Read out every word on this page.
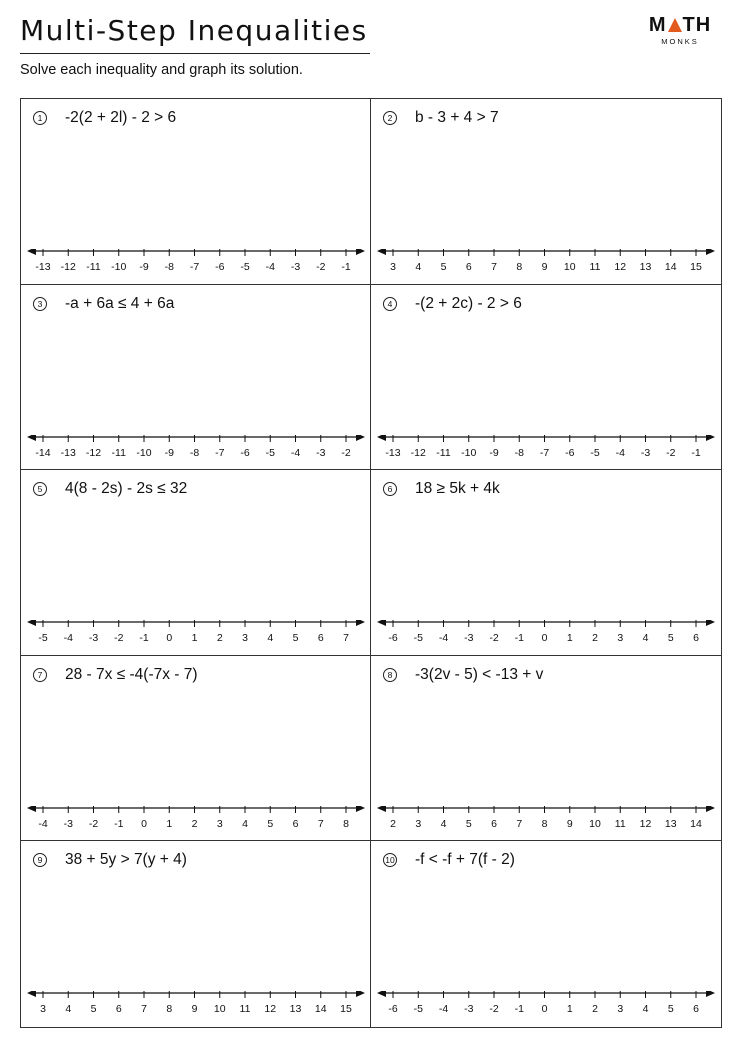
Multi-Step Inequalities	M TH
MONKS
Solve each inequality and graph its solution.
1 -2(2 + 2l) - 2 > 6
-13 -12 -11 -10 -9 -8 -7 -6 -5 -4 -3 -2 -1
2 b - 3 + 4 > 7
3 4 5 6 7 8 9 10 11 12 13 14 15
3 -a + 6a ≤ 4 + 6a
-14 -13 -12 -11 -10 -9 -8 -7 -6 -5 -4 -3 -2
4 -(2 + 2c) - 2 > 6
-13 -12 -11 -10 -9 -8 -7 -6 -5 -4 -3 -2 -1
5 4(8 - 2s) - 2s ≤ 32
-5 -4 -3 -2 -1 0 1 2 3 4 5 6 7
6 18 ≥ 5k + 4k
-6 -5 -4 -3 -2 -1 0 1 2 3 4 5 6
7 28 - 7x ≤ -4(-7x - 7)
-4 -3 -2 -1 0 1 2 3 4 5 6 7 8
8 -3(2v - 5) < -13 + v
2 3 4 5 6 7 8 9 10 11 12 13 14
9 38 + 5y > 7(y + 4)
3 4 5 6 7 8 9 10 11 12 13 14 15
10 -f < -f + 7(f - 2)
-6 -5 -4 -3 -2 -1 0 1 2 3 4 5 6
